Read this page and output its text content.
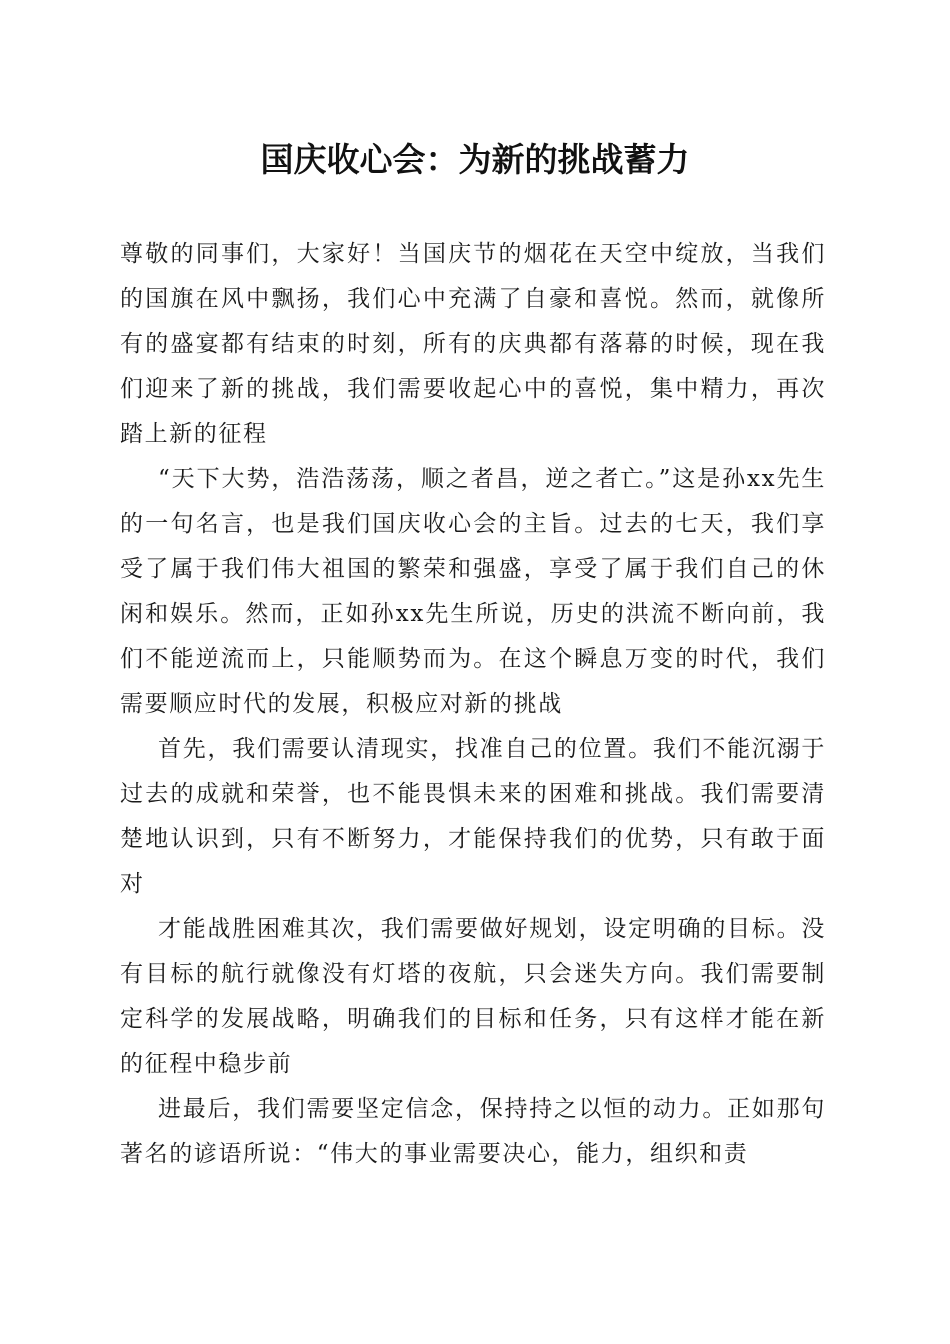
国庆收心会：为新的挑战蓄力

尊敬的同事们，大家好！当国庆节的烟花在天空中绽放，当我们的国旗在风中飘扬，我们心中充满了自豪和喜悦。然而，就像所有的盛宴都有结束的时刻，所有的庆典都有落幕的时候，现在我们迎来了新的挑战，我们需要收起心中的喜悦，集中精力，再次踏上新的征程

“天下大势，浩浩荡荡，顺之者昌，逆之者亡。”这是孙xx先生的一句名言，也是我们国庆收心会的主旨。过去的七天，我们享受了属于我们伟大祖国的繁荣和强盛，享受了属于我们自己的休闲和娱乐。然而，正如孙xx先生所说，历史的洪流不断向前，我们不能逆流而上，只能顺势而为。在这个瞬息万变的时代，我们需要顺应时代的发展，积极应对新的挑战

首先，我们需要认清现实，找准自己的位置。我们不能沉溺于过去的成就和荣誉，也不能畏惧未来的困难和挑战。我们需要清楚地认识到，只有不断努力，才能保持我们的优势，只有敢于面对

才能战胜困难其次，我们需要做好规划，设定明确的目标。没有目标的航行就像没有灯塔的夜航，只会迷失方向。我们需要制定科学的发展战略，明确我们的目标和任务，只有这样才能在新的征程中稳步前

进最后，我们需要坚定信念，保持持之以恒的动力。正如那句著名的谚语所说：“伟大的事业需要决心，能力，组织和责
